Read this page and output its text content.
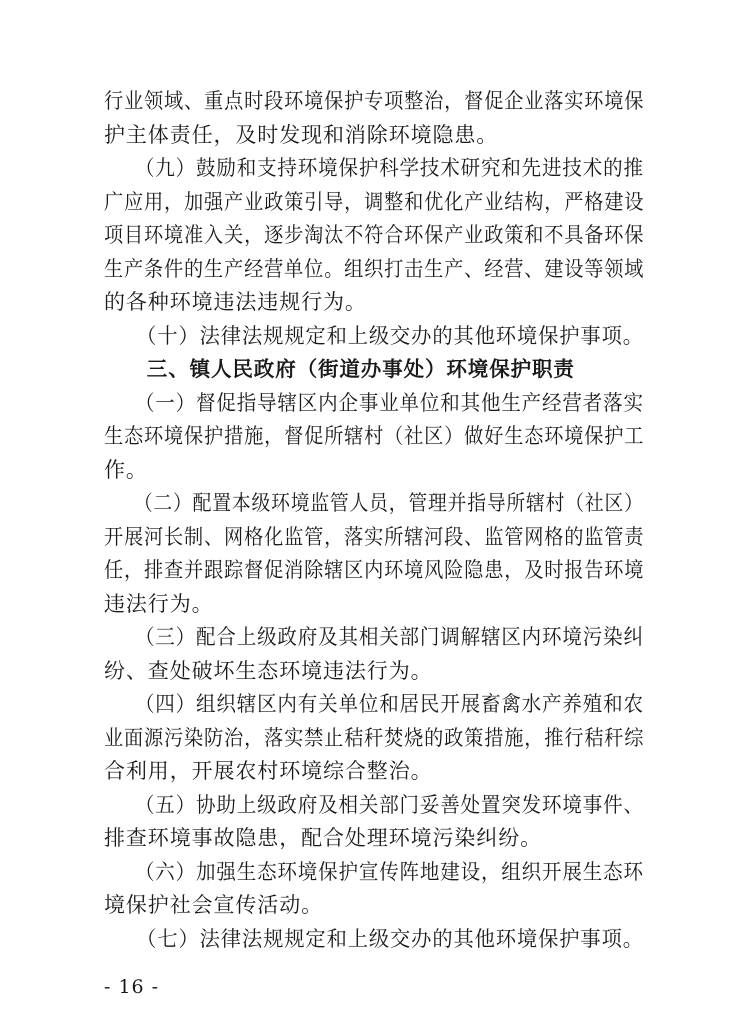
行业领域、重点时段环境保护专项整治，督促企业落实环境保
护主体责任，及时发现和消除环境隐患。
　　（九）鼓励和支持环境保护科学技术研究和先进技术的推
广应用，加强产业政策引导，调整和优化产业结构，严格建设
项目环境准入关，逐步淘汰不符合环保产业政策和不具备环保
生产条件的生产经营单位。组织打击生产、经营、建设等领域
的各种环境违法违规行为。
　　（十）法律法规规定和上级交办的其他环境保护事项。
　　三、镇人民政府（街道办事处）环境保护职责
　　（一）督促指导辖区内企事业单位和其他生产经营者落实
生态环境保护措施，督促所辖村（社区）做好生态环境保护工
作。
　　（二）配置本级环境监管人员，管理并指导所辖村（社区）
开展河长制、网格化监管，落实所辖河段、监管网格的监管责
任，排查并跟踪督促消除辖区内环境风险隐患，及时报告环境
违法行为。
　　（三）配合上级政府及其相关部门调解辖区内环境污染纠
纷、查处破坏生态环境违法行为。
　　（四）组织辖区内有关单位和居民开展畜禽水产养殖和农
业面源污染防治，落实禁止秸秆焚烧的政策措施，推行秸秆综
合利用，开展农村环境综合整治。
　　（五）协助上级政府及相关部门妥善处置突发环境事件、
排查环境事故隐患，配合处理环境污染纠纷。
　　（六）加强生态环境保护宣传阵地建设，组织开展生态环
境保护社会宣传活动。
　　（七）法律法规规定和上级交办的其他环境保护事项。
- 16 -
